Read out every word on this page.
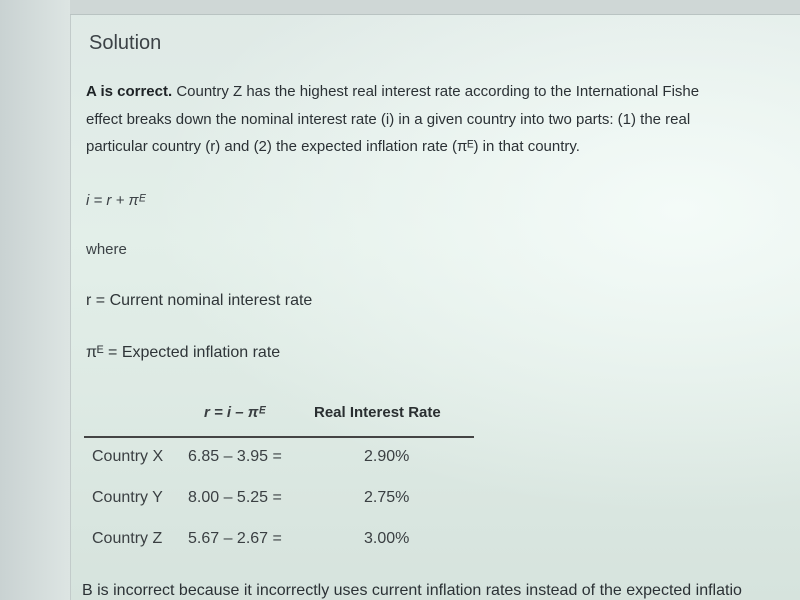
Solution
A is correct. Country Z has the highest real interest rate according to the International Fishe
effect breaks down the nominal interest rate (i) in a given country into two parts: (1) the real
particular country (r) and (2) the expected inflation rate (πᴱ) in that country.
i = r + πᴱ
where
r = Current nominal interest rate
πᴱ = Expected inflation rate
r = i – πᴱ	Real Interest Rate
Country X 6.85 – 3.95 =	2.90%
Country Y 8.00 – 5.25 =	2.75%
Country Z 5.67 – 2.67 =	3.00%
B is incorrect because it incorrectly uses current inflation rates instead of the expected inflatio
